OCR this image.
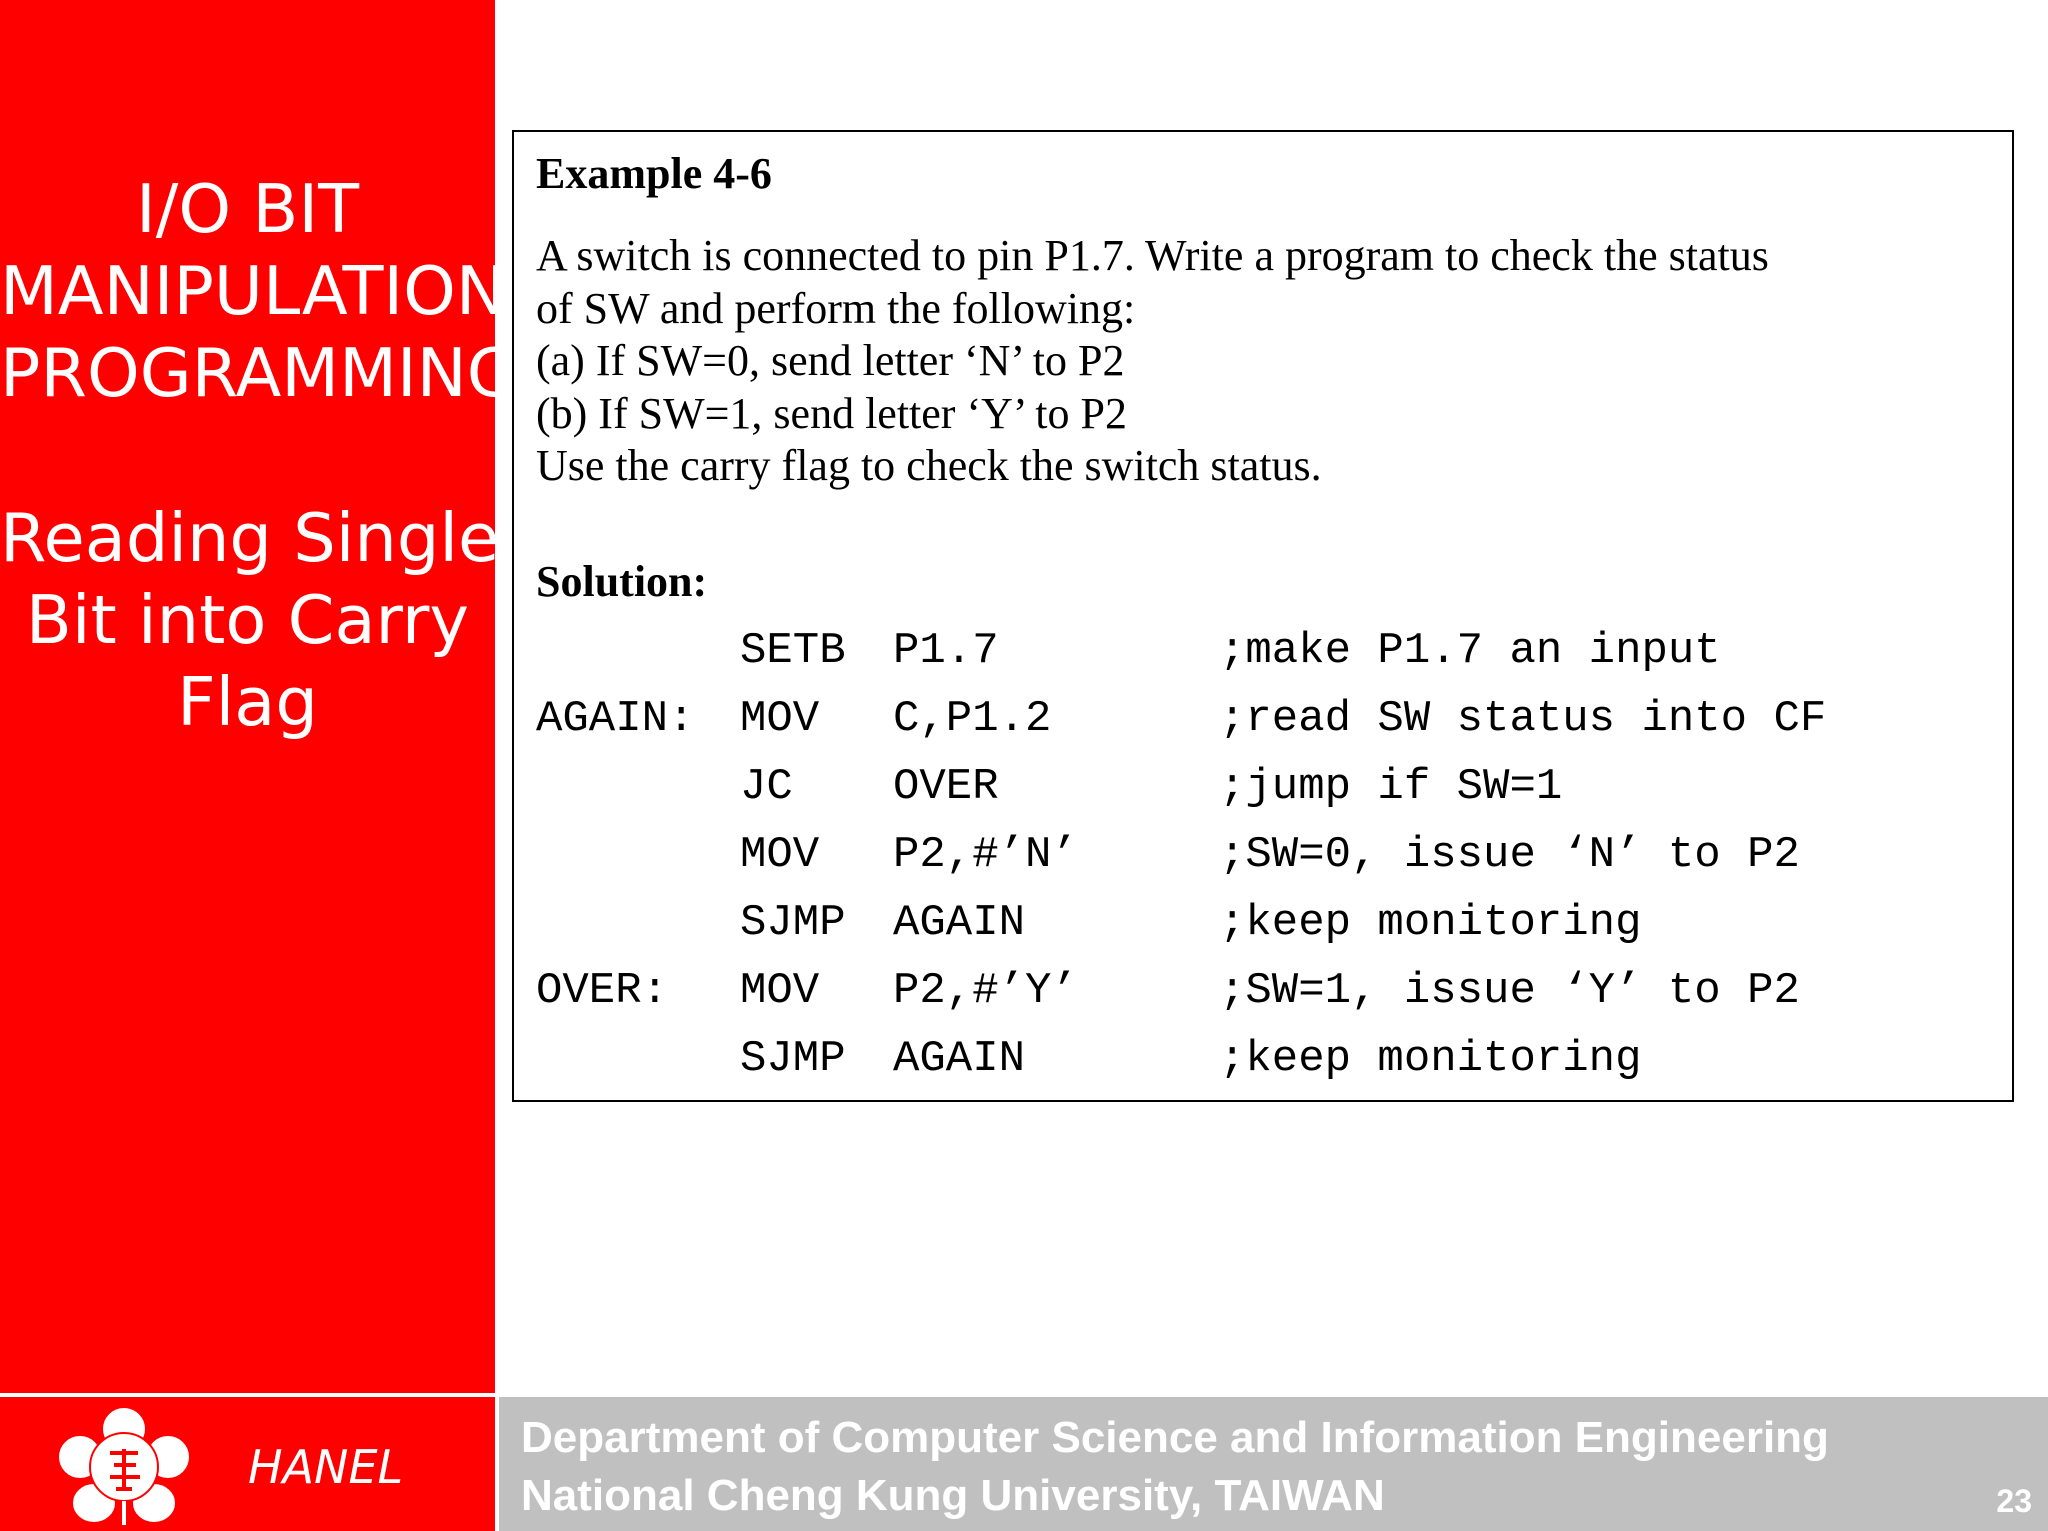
I/O BIT
MANIPULATION
PROGRAMMING
Reading Single
Bit into Carry
Flag
Example 4-6
A switch is connected to pin P1.7. Write a program to check the status
of SW and perform the following:
(a) If SW=0, send letter ‘N’ to P2
(b) If SW=1, send letter ‘Y’ to P2
Use the carry flag to check the switch status.
Solution:
SETB P1.7	;make P1.7 an input
AGAIN: MOV C,P1.2	;read SW status into CF
JC OVER	;jump if SW=1
MOV P2,#’N’	;SW=0, issue ‘N’ to P2
SJMP AGAIN	;keep monitoring
OVER: MOV P2,#’Y’	;SW=1, issue ‘Y’ to P2
SJMP AGAIN	;keep monitoring
HANEL
Department of Computer Science and Information Engineering
National Cheng Kung University, TAIWAN	23
